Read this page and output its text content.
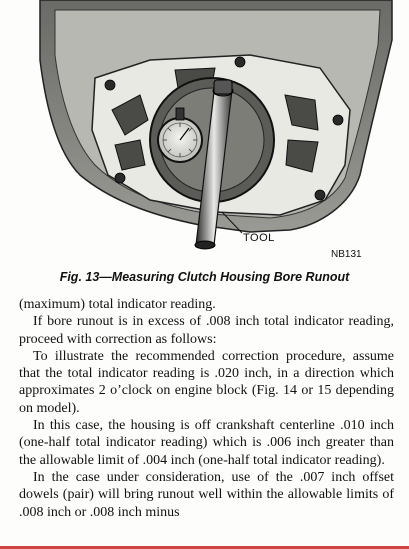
TOOL
NB131
Fig. 13—Measuring Clutch Housing Bore Runout

(maximum) total indicator reading.

If bore runout is in excess of .008 inch total indicator reading, proceed with correction as follows:

To illustrate the recommended correction procedure, assume that the total indicator reading is .020 inch, in a direction which approximates 2 o’clock on engine block (Fig. 14 or 15 depending on model).

In this case, the housing is off crankshaft centerline .010 inch (one-half total indicator reading) which is .006 inch greater than the allowable limit of .004 inch (one-half total indicator reading).

In the case under consideration, use of the .007 inch offset dowels (pair) will bring runout well within the allowable limits of .008 inch or .008 inch minus
